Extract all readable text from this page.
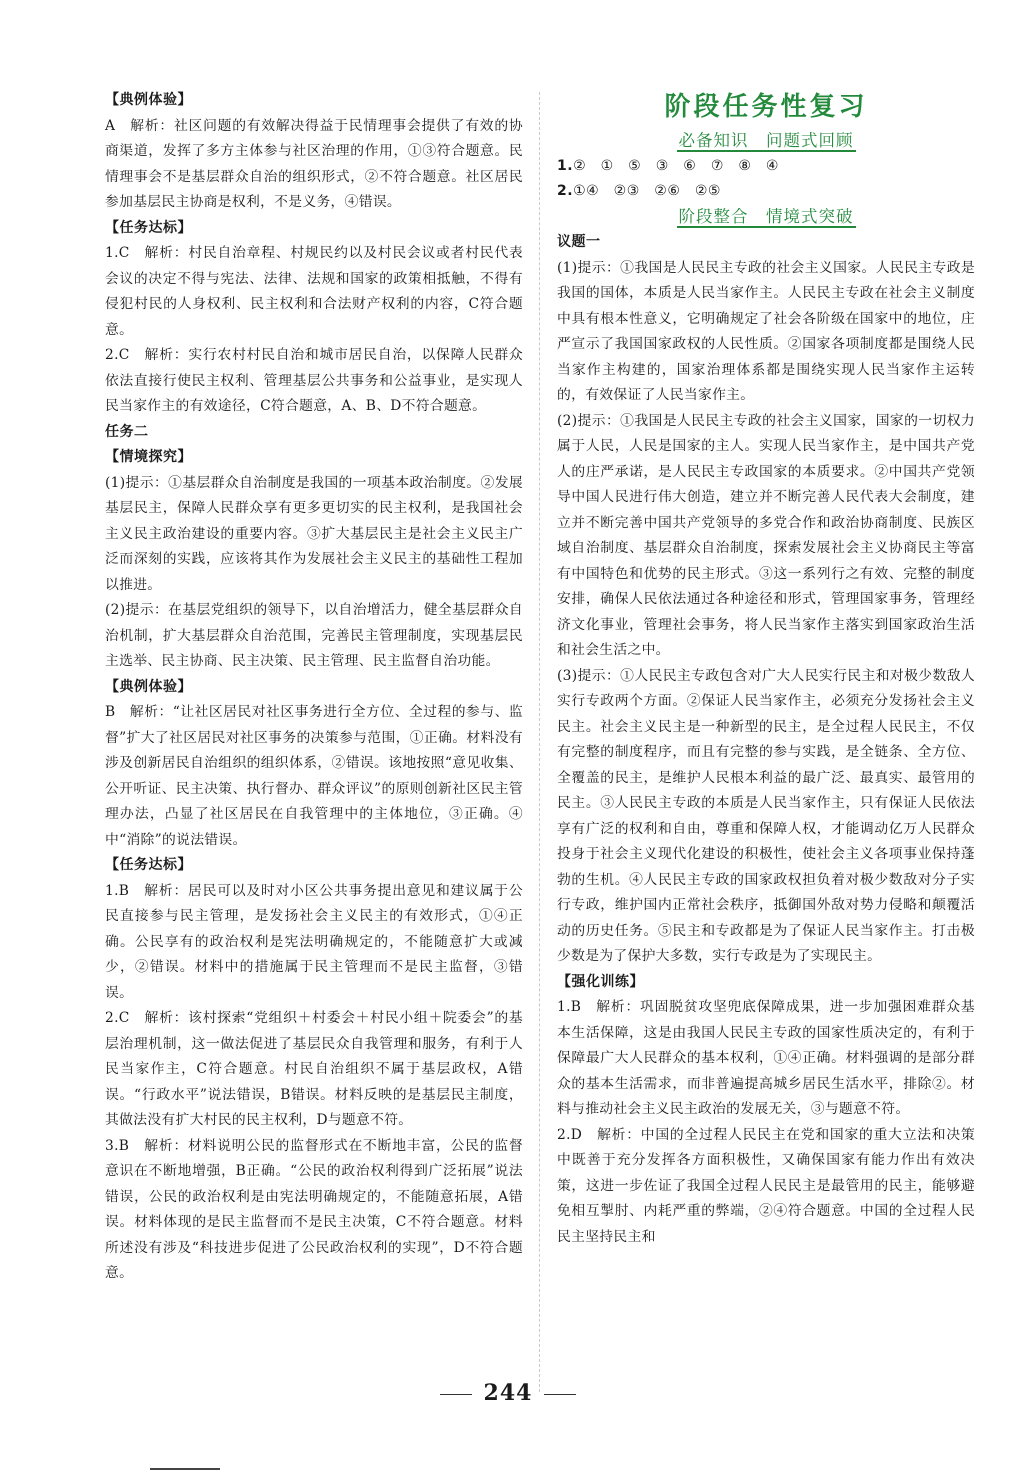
【典例体验】

A　解析：社区问题的有效解决得益于民情理事会提供了有效的协商渠道，发挥了多方主体参与社区治理的作用，①③符合题意。民情理事会不是基层群众自治的组织形式，②不符合题意。社区居民参加基层民主协商是权利，不是义务，④错误。

【任务达标】

1.C　解析：村民自治章程、村规民约以及村民会议或者村民代表会议的决定不得与宪法、法律、法规和国家的政策相抵触，不得有侵犯村民的人身权利、民主权利和合法财产权利的内容，C符合题意。

2.C　解析：实行农村村民自治和城市居民自治，以保障人民群众依法直接行使民主权利、管理基层公共事务和公益事业，是实现人民当家作主的有效途径，C符合题意，A、B、D不符合题意。

任务二

【情境探究】

(1)提示：①基层群众自治制度是我国的一项基本政治制度。②发展基层民主，保障人民群众享有更多更切实的民主权利，是我国社会主义民主政治建设的重要内容。③扩大基层民主是社会主义民主广泛而深刻的实践，应该将其作为发展社会主义民主的基础性工程加以推进。

(2)提示：在基层党组织的领导下，以自治增活力，健全基层群众自治机制，扩大基层群众自治范围，完善民主管理制度，实现基层民主选举、民主协商、民主决策、民主管理、民主监督自治功能。

【典例体验】

B　解析：“让社区居民对社区事务进行全方位、全过程的参与、监督”扩大了社区居民对社区事务的决策参与范围，①正确。材料没有涉及创新居民自治组织的组织体系，②错误。该地按照“意见收集、公开听证、民主决策、执行督办、群众评议”的原则创新社区民主管理办法，凸显了社区居民在自我管理中的主体地位，③正确。④中“消除”的说法错误。

【任务达标】

1.B　解析：居民可以及时对小区公共事务提出意见和建议属于公民直接参与民主管理，是发扬社会主义民主的有效形式，①④正确。公民享有的政治权利是宪法明确规定的，不能随意扩大或减少，②错误。材料中的措施属于民主管理而不是民主监督，③错误。

2.C　解析：该村探索“党组织＋村委会＋村民小组＋院委会”的基层治理机制，这一做法促进了基层民众自我管理和服务，有利于人民当家作主，C符合题意。村民自治组织不属于基层政权，A错误。“行政水平”说法错误，B错误。材料反映的是基层民主制度，其做法没有扩大村民的民主权利，D与题意不符。

3.B　解析：材料说明公民的监督形式在不断地丰富，公民的监督意识在不断地增强，B正确。“公民的政治权利得到广泛拓展”说法错误，公民的政治权利是由宪法明确规定的，不能随意拓展，A错误。材料体现的是民主监督而不是民主决策，C不符合题意。材料所述没有涉及“科技进步促进了公民政治权利的实现”，D不符合题意。

阶段任务性复习

必备知识　问题式回顾

1.②　①　⑤　③　⑥　⑦　⑧　④

2.①④　②③　②⑥　②⑤

阶段整合　情境式突破

议题一

(1)提示：①我国是人民民主专政的社会主义国家。人民民主专政是我国的国体，本质是人民当家作主。人民民主专政在社会主义制度中具有根本性意义，它明确规定了社会各阶级在国家中的地位，庄严宣示了我国国家政权的人民性质。②国家各项制度都是围绕人民当家作主构建的，国家治理体系都是围绕实现人民当家作主运转的，有效保证了人民当家作主。

(2)提示：①我国是人民民主专政的社会主义国家，国家的一切权力属于人民，人民是国家的主人。实现人民当家作主，是中国共产党人的庄严承诺，是人民民主专政国家的本质要求。②中国共产党领导中国人民进行伟大创造，建立并不断完善人民代表大会制度，建立并不断完善中国共产党领导的多党合作和政治协商制度、民族区域自治制度、基层群众自治制度，探索发展社会主义协商民主等富有中国特色和优势的民主形式。③这一系列行之有效、完整的制度安排，确保人民依法通过各种途径和形式，管理国家事务，管理经济文化事业，管理社会事务，将人民当家作主落实到国家政治生活和社会生活之中。

(3)提示：①人民民主专政包含对广大人民实行民主和对极少数敌人实行专政两个方面。②保证人民当家作主，必须充分发扬社会主义民主。社会主义民主是一种新型的民主，是全过程人民民主，不仅有完整的制度程序，而且有完整的参与实践，是全链条、全方位、全覆盖的民主，是维护人民根本利益的最广泛、最真实、最管用的民主。③人民民主专政的本质是人民当家作主，只有保证人民依法享有广泛的权利和自由，尊重和保障人权，才能调动亿万人民群众投身于社会主义现代化建设的积极性，使社会主义各项事业保持蓬勃的生机。④人民民主专政的国家政权担负着对极少数敌对分子实行专政，维护国内正常社会秩序，抵御国外敌对势力侵略和颠覆活动的历史任务。⑤民主和专政都是为了保证人民当家作主。打击极少数是为了保护大多数，实行专政是为了实现民主。

【强化训练】

1.B　解析：巩固脱贫攻坚兜底保障成果，进一步加强困难群众基本生活保障，这是由我国人民民主专政的国家性质决定的，有利于保障最广大人民群众的基本权利，①④正确。材料强调的是部分群众的基本生活需求，而非普遍提高城乡居民生活水平，排除②。材料与推动社会主义民主政治的发展无关，③与题意不符。

2.D　解析：中国的全过程人民民主在党和国家的重大立法和决策中既善于充分发挥各方面积极性，又确保国家有能力作出有效决策，这进一步佐证了我国全过程人民民主是最管用的民主，能够避免相互掣肘、内耗严重的弊端，②④符合题意。中国的全过程人民民主坚持民主和

244
